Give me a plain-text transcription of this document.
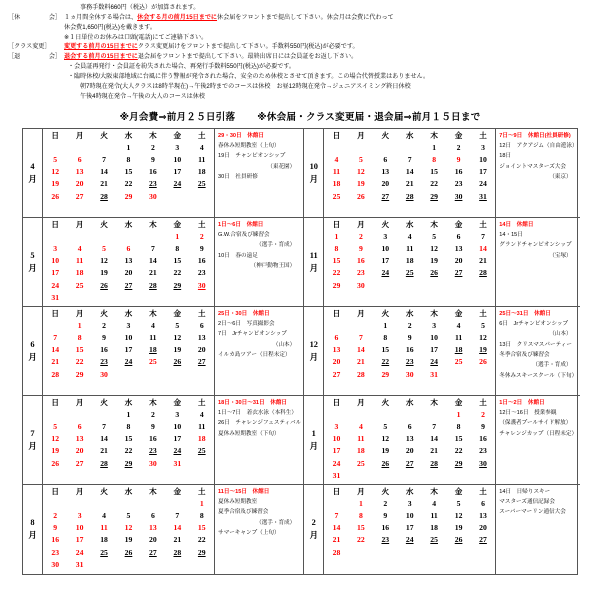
事務手数料660円（税込）が加算されます。
［休	会］ １ヵ月間全休する場合は、休会する月の前月15日までに休会届をフロントまで提出して下さい。休会月は会費に代わって
休会費1,650円(税込)を戴きます。
※１日単位のお休みは口頭(電話)にてご連絡下さい。
［クラス変更］	変更する前月の15日までにクラス変更届けをフロントまで提出して下さい。手数料550円(税込)が必要です。
［退	会］ 退会する前月の15日までに退会届をフロントまで提出して下さい。最終出席日には会員証をお返し下さい。
・会員証再発行・会員証を紛失された場合、再発行手数料550円(税込)が必要です。
・臨時休校/大阪東部地域に台風に伴う警報が発令された場合、安全のため休校とさせて頂きます。この場合代替授業はありません。
朝7時現在発令(大人クラスは8時半現在)→午後2時までのコースは休校　お昼12時現在発令→ジュニアスイミング終日休校
午後4時現在発令→午後の大人のコースは休校
※月会費⇒前月２５日引落 ※休会届・クラス変更届・退会届⇒前月１５日まで
4
月
日	月	火	水	木	金	土
			1	2	3	4
5	6	7	8	9	10	11
12	13	14	15	16	17	18
19	20	21	22	23	24	25
26	27	28	29	30		
29・30日　休館日
春休み短期教室（上旬）
19日　チャンピオンシップ
（東花園）
30日　社員研修
5
月
日	月	火	水	木	金	土
					1	2
3	4	5	6	7	8	9
10	11	12	13	14	15	16
17	18	19	20	21	22	23
24	25	26	27	28	29	30
31						
1日～6日　休館日
G.W.合宿及び練習会
（選手・育成）
10日　春の遠足
（神戸動物王国）
6
月
日	月	火	水	木	金	土
	1	2	3	4	5	6
7	8	9	10	11	12	13
14	15	16	17	18	19	20
21	22	23	24	25	26	27
28	29	30				
25日・30日　休館日
2日～6日　写真撮影会
7日　Jrチャンピオンシップ
（山本）
イルカ島ツアー（日程未定）
7
月
日	月	火	水	木	金	土
			1	2	3	4
5	6	7	8	9	10	11
12	13	14	15	16	17	18
19	20	21	22	23	24	25
26	27	28	29	30	31	
18日・30日～31日　休館日
1日～7日　着衣水泳（本科生）
26日　チャレンジフェスティバル
夏休み短期教室（下旬）
8
月
日	月	火	水	木	金	土
						1
2	3	4	5	6	7	8
9	10	11	12	13	14	15
16	17	18	19	20	21	22
23	24	25	26	27	28	29
30	31					
11日～15日　休館日
夏休み短期教室
夏季合宿及び練習会
（選手・育成）
サマーキャンプ（上旬）
10
月
日	月	火	水	木	金	土
				1	2	3
4	5	6	7	8	9	10
11	12	13	14	15	16	17
18	19	20	21	22	23	24
25	26	27	28	29	30	31
7日～9日　休館日(社員研修)
12日　アクアジム（自由遊泳）
18日
ジョイントマスターズ大会
（東京）
11
月
日	月	火	水	木	金	土
1	2	3	4	5	6	7
8	9	10	11	12	13	14
15	16	17	18	19	20	21
22	23	24	25	26	27	28
29	30					
14日　休館日
14・15日
グランドチャンピオンシップ
（宝塚）
12
月
日	月	火	水	木	金	土
		1	2	3	4	5
6	7	8	9	10	11	12
13	14	15	16	17	18	19
20	21	22	23	24	25	26
27	28	29	30	31		
25日～31日　休館日
6日　Jrチャンピオンシップ
（山本）
13日　クリスマスパーティー
冬季合宿及び練習会
（選手・育成）
冬休みスキースクール（下旬）
1
月
日	月	火	水	木	金	土
					1	2
3	4	5	6	7	8	9
10	11	12	13	14	15	16
17	18	19	20	21	22	23
24	25	26	27	28	29	30
31						
1日～2日　休館日
12日～16日　授業参観
（保護者プールサイド解放）
チャレンジカップ（日程未定）
2
月
日	月	火	水	木	金	土
	1	2	3	4	5	6
7	8	9	10	11	12	13
14	15	16	17	18	19	20
21	22	23	24	25	26	27
28						
14日　日帰りスキー
マスターズ通信記録会
スーパーマーリン通信大会
